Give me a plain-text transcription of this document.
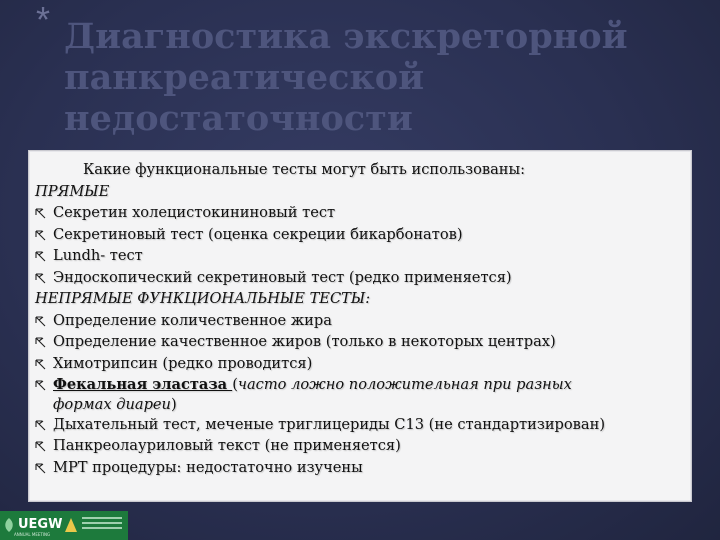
* Диагностика экскреторной панкреатической недостаточности

Какие функциональные тесты могут быть использованы:

ПРЯМЫЕ

Секретин холецистокининовый тест
Секретиновый тест (оценка секреции бикарбонатов)
Lundh- тест
Эндоскопический секретиновый тест (редко применяется)

НЕПРЯМЫЕ ФУНКЦИОНАЛЬНЫЕ ТЕСТЫ:

Определение количественное жира
Определение качественное жиров (только в некоторых центрах)
Химотрипсин (редко проводится)
Фекальная эластаза (часто ложно положительная при разных
формах диареи)
Дыхательный тест, меченые триглицериды С13 (не стандартизирован)
Панкреолауриловый текст (не применяется)
МРТ процедуры: недостаточно изучены
UEGW
ANNUAL MEETING
